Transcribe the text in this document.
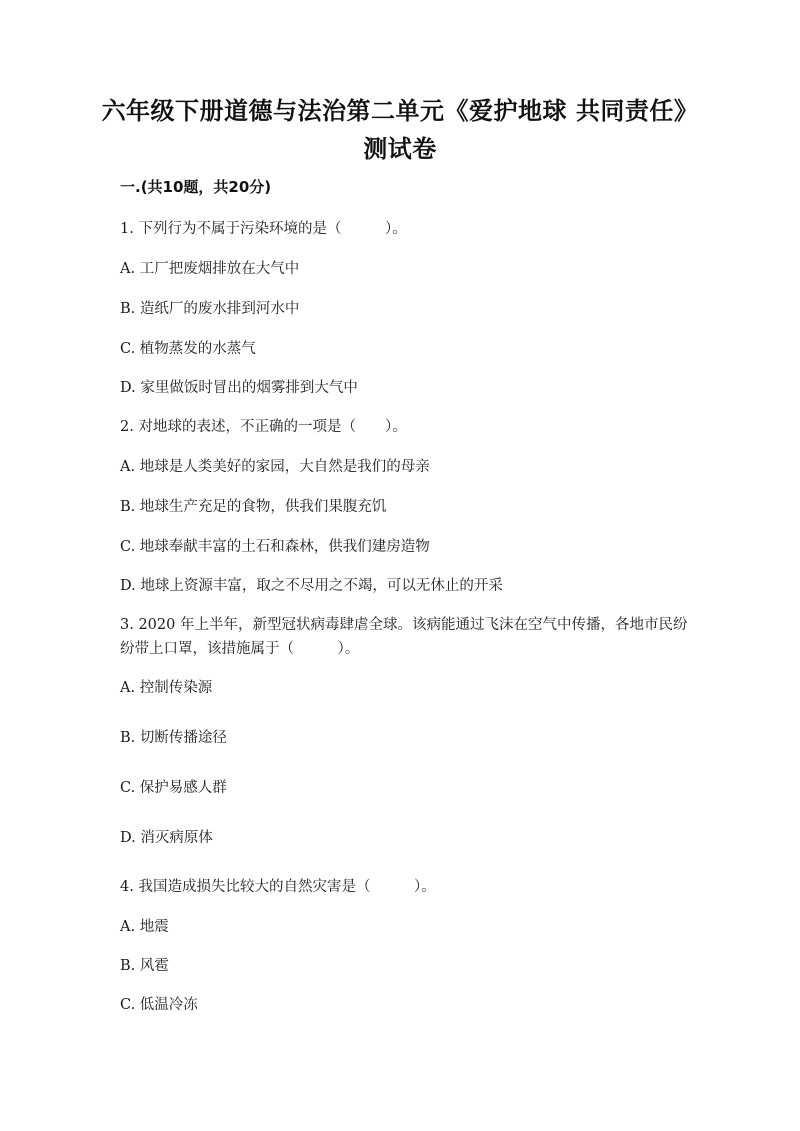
六年级下册道德与法治第二单元《爱护地球 共同责任》测试卷
一.(共10题，共20分)
1. 下列行为不属于污染环境的是（　　　）。
A. 工厂把废烟排放在大气中
B. 造纸厂的废水排到河水中
C. 植物蒸发的水蒸气
D. 家里做饭时冒出的烟雾排到大气中
2. 对地球的表述，不正确的一项是（　　）。
A. 地球是人类美好的家园，大自然是我们的母亲
B. 地球生产充足的食物，供我们果腹充饥
C. 地球奉献丰富的土石和森林，供我们建房造物
D. 地球上资源丰富，取之不尽用之不竭，可以无休止的开采
3. 2020 年上半年，新型冠状病毒肆虐全球。该病能通过飞沫在空气中传播，各地市民纷纷带上口罩，该措施属于（　　　）。
A. 控制传染源
B. 切断传播途径
C. 保护易感人群
D. 消灭病原体
4. 我国造成损失比较大的自然灾害是（　　　）。
A. 地震
B. 风雹
C. 低温冷冻
